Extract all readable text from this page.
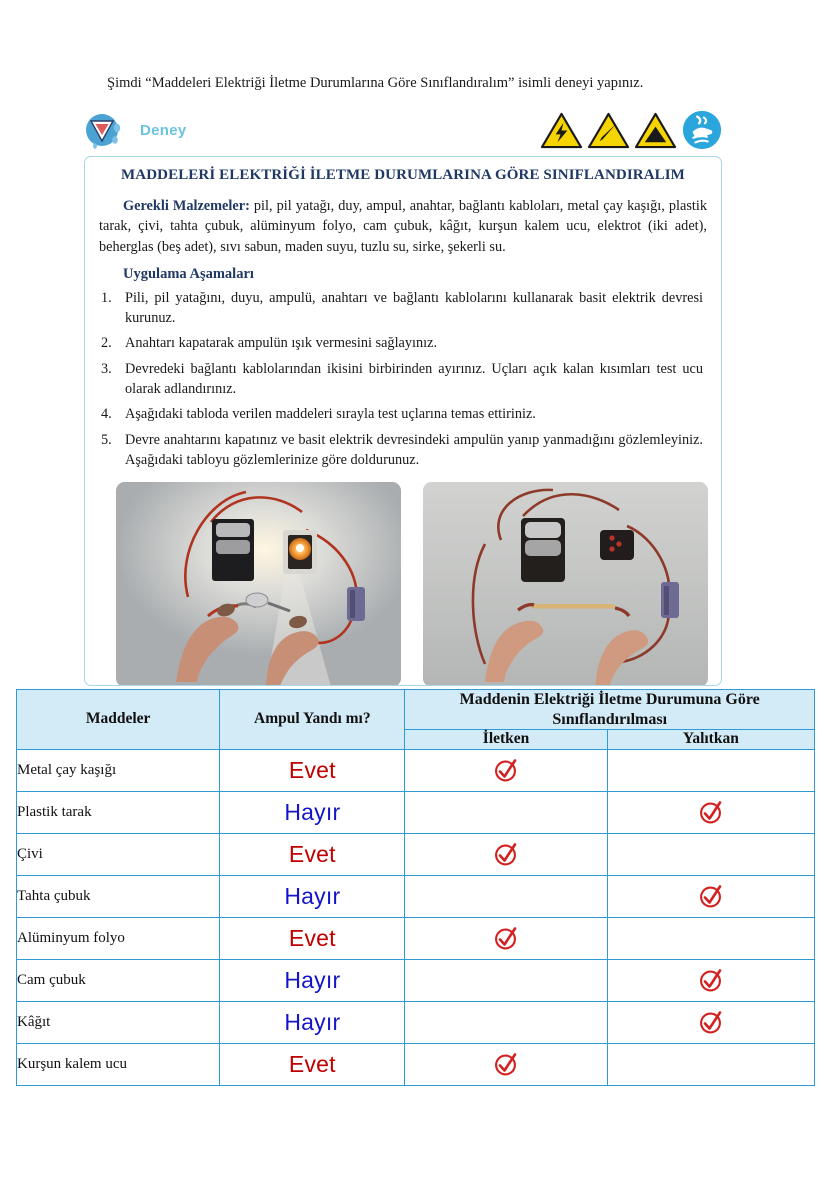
Şimdi “Maddeleri Elektriği İletme Durumlarına Göre Sınıflandıralım” isimli deneyi yapınız.
Deney
MADDELERİ ELEKTRİĞİ İLETME DURUMLARINA GÖRE SINIFLANDIRALIM

Gerekli Malzemeler: pil, pil yatağı, duy, ampul, anahtar, bağlantı kabloları, metal çay kaşığı, plastik tarak, çivi, tahta çubuk, alüminyum folyo, cam çubuk, kâğıt, kurşun kalem ucu, elektrot (iki adet), beherglas (beş adet), sıvı sabun, maden suyu, tuzlu su, sirke, şekerli su.

Uygulama Aşamaları
Pili, pil yatağını, duyu, ampulü, anahtarı ve bağlantı kablolarını kullanarak basit elektrik devresi kurunuz.
Anahtarı kapatarak ampulün ışık vermesini sağlayınız.
Devredeki bağlantı kablolarından ikisini birbirinden ayırınız. Uçları açık kalan kısımları test ucu olarak adlandırınız.
Aşağıdaki tabloda verilen maddeleri sırayla test uçlarına temas ettiriniz.
Devre anahtarını kapatınız ve basit elektrik devresindeki ampulün yanıp yanmadığını gözlemleyiniz. Aşağıdaki tabloyu gözlemlerinize göre doldurunuz.
Maddeler	Ampul Yandı mı?	Maddenin Elektriği İletme Durumuna Göre Sınıflandırılması	
		İletken	Yalıtkan
Metal çay kaşığı	Evet	

Plastik tarak	Hayır		

Çivi	Evet	

Tahta çubuk	Hayır		

Alüminyum folyo	Evet	

Cam çubuk	Hayır		

Kâğıt	Hayır		

Kurşun kalem ucu	Evet	
